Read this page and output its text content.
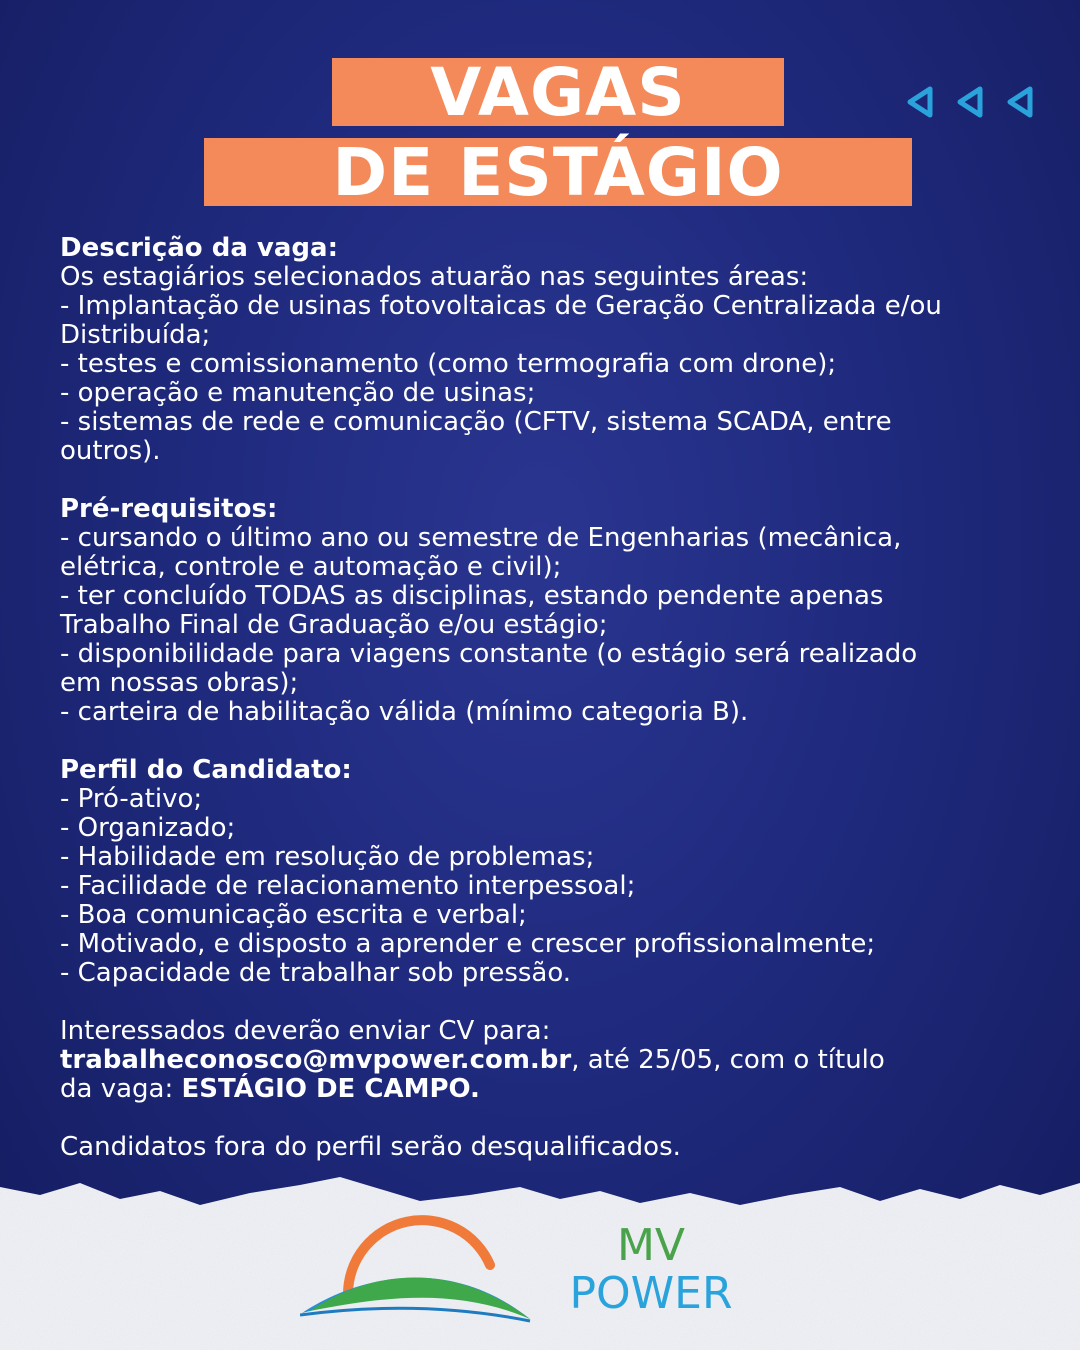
VAGAS
DE ESTÁGIO
Descrição da vaga:
Os estagiários selecionados atuarão nas seguintes áreas:
- Implantação de usinas fotovoltaicas de Geração Centralizada e/ou
Distribuída;
- testes e comissionamento (como termografia com drone);
- operação e manutenção de usinas;
- sistemas de rede e comunicação (CFTV, sistema SCADA, entre
outros).
Pré-requisitos:
- cursando o último ano ou semestre de Engenharias (mecânica,
elétrica, controle e automação e civil);
- ter concluído TODAS as disciplinas, estando pendente apenas
Trabalho Final de Graduação e/ou estágio;
- disponibilidade para viagens constante (o estágio será realizado
em nossas obras);
- carteira de habilitação válida (mínimo categoria B).
Perfil do Candidato:
- Pró-ativo;
- Organizado;
- Habilidade em resolução de problemas;
- Facilidade de relacionamento interpessoal;
- Boa comunicação escrita e verbal;
- Motivado, e disposto a aprender e crescer profissionalmente;
- Capacidade de trabalhar sob pressão.
Interessados deverão enviar CV para:
trabalheconosco@mvpower.com.br, até 25/05, com o título
da vaga: ESTÁGIO DE CAMPO.
Candidatos fora do perfil serão desqualificados.
MV
POWER
